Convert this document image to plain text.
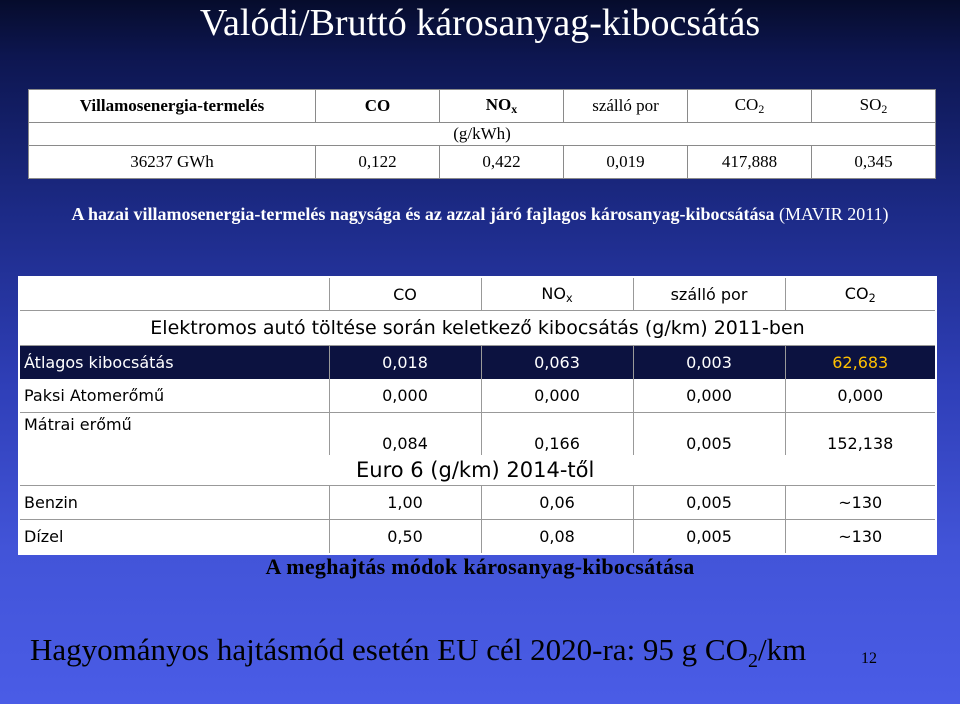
Valódi/Bruttó károsanyag-kibocsátás
Villamosenergia-termelés	CO	$NO_x$	szálló por	$CO_2$	$SO_2$
(g/kWh)					
36237 GWh	0,122	0,422	0,019	417,888	0,345
A hazai villamosenergia-termelés nagysága és az azzal járó fajlagos károsanyag-kibocsátása (MAVIR 2011)
	CO	$NO_x$	szálló por	$CO_2$
Elektromos autó töltése során keletkező kibocsátás (g/km) 2011-ben				
Átlagos kibocsátás	0,018	0,063	0,003	62,683
Paksi Atomerőmű	0,000	0,000	0,000	0,000
Mátrai erőmű	0,084	0,166	0,005	152,138
Euro 6 (g/km) 2014-től				
Benzin	1,00	0,06	0,005	~130
Dízel	0,50	0,08	0,005	~130
A meghajtás módok károsanyag-kibocsátása
Hagyományos hajtásmód esetén EU cél 2020-ra: 95 g $CO_2/km$	12
